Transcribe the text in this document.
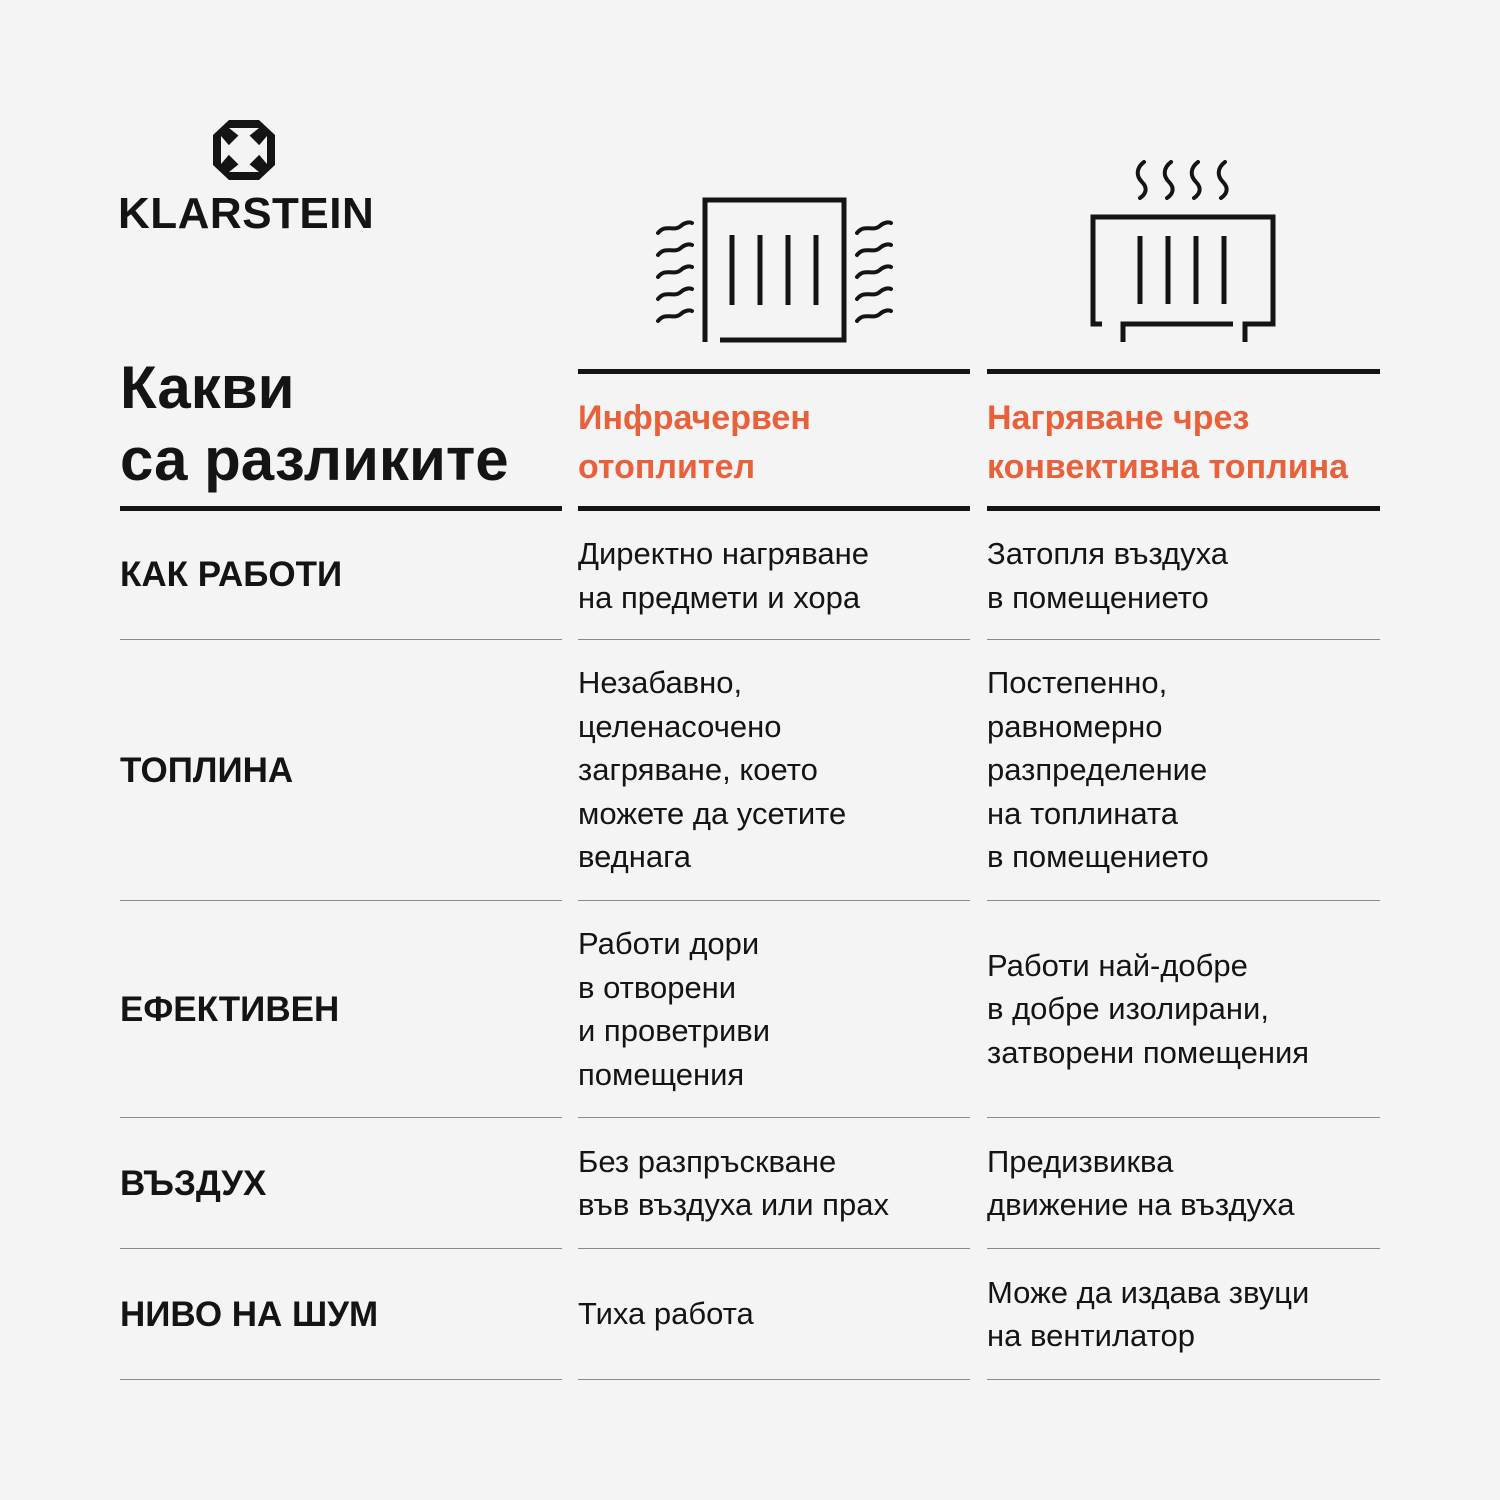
KLARSTEIN
Какви
са разликите
Инфрачервен
отоплител
Нагряване чрез
конвективна топлина
КАК РАБОТИ
Директно нагряване
на предмети и хора
Затопля въздуха
в помещението
ТОПЛИНА
Незабавно,
целенасочено
загряване, което
можете да усетите
веднага
Постепенно,
равномерно
разпределение
на топлината
в помещението
ЕФЕКТИВЕН
Работи дори
в отворени
и проветриви
помещения
Работи най-добре
в добре изолирани,
затворени помещения
ВЪЗДУХ
Без разпръскване
във въздуха или прах
Предизвиква
движение на въздуха
НИВО НА ШУМ	Тиха работа
Може да издава звуци
на вентилатор
